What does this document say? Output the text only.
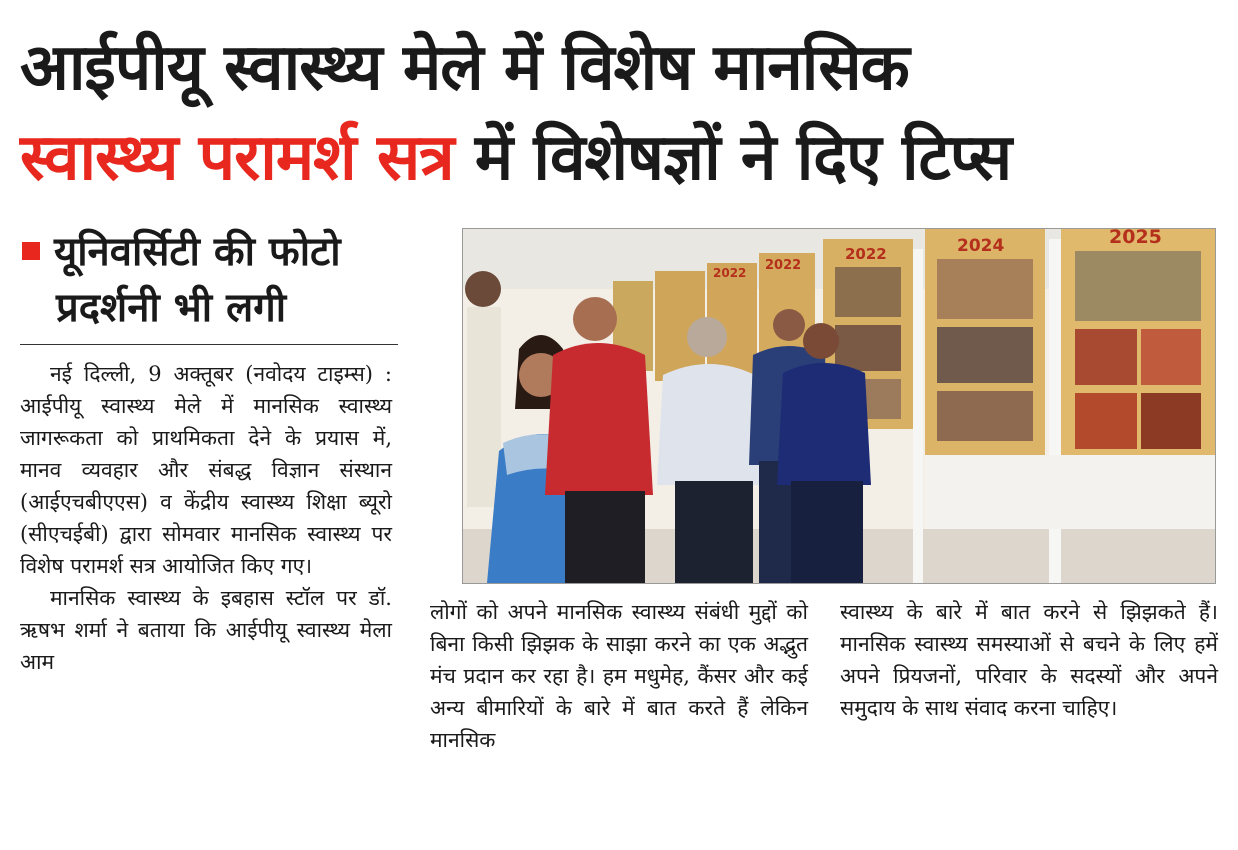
आईपीयू स्वास्थ्य मेले में विशेष मानसिक
स्वास्थ्य परामर्श सत्र में विशेषज्ञों ने दिए टिप्स
यूनिवर्सिटी की फोटो
प्रदर्शनी भी लगी

नई दिल्ली, 9 अक्तूबर (नवोदय टाइम्स) : आईपीयू स्वास्थ्य मेले में मानसिक स्वास्थ्य जागरूकता को प्राथमिकता देने के प्रयास में, मानव व्यवहार और संबद्ध विज्ञान संस्थान (आईएचबीएएस) व केंद्रीय स्वास्थ्य शिक्षा ब्यूरो (सीएचईबी) द्वारा सोमवार मानसिक स्वास्थ्य पर विशेष परामर्श सत्र आयोजित किए गए।

मानसिक स्वास्थ्य के इबहास स्टॉल पर डॉ. ऋषभ शर्मा ने बताया कि आईपीयू स्वास्थ्य मेला आम

2022 2022
2022	2024	2025

लोगों को अपने मानसिक स्वास्थ्य संबंधी मुद्दों को बिना किसी झिझक के साझा करने का एक अद्भुत मंच प्रदान कर रहा है। हम मधुमेह, कैंसर और कई अन्य बीमारियों के बारे में बात करते हैं लेकिन मानसिक

स्वास्थ्य के बारे में बात करने से झिझकते हैं। मानसिक स्वास्थ्य समस्याओं से बचने के लिए हमें अपने प्रियजनों, परिवार के सदस्यों और अपने समुदाय के साथ संवाद करना चाहिए।
